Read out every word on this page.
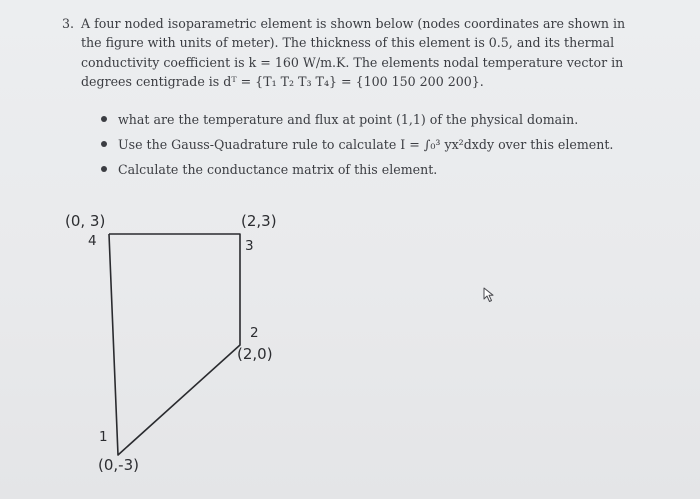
3. A four noded isoparametric element is shown below (nodes coordinates are shown in
the figure with units of meter). The thickness of this element is 0.5, and its thermal
conductivity coefficient is k = 160 W/m.K. The elements nodal temperature vector in
degrees centigrade is dᵀ = {T₁ T₂ T₃ T₄} = {100 150 200 200}.
what are the temperature and flux at point (1,1) of the physical domain.
Use the Gauss-Quadrature rule to calculate I = ∫₀³ yx²dxdy over this element.
Calculate the conductance matrix of this element.
(0, 3)
4
(2,3)
3
2
(2,0)
1
(0,-3)
